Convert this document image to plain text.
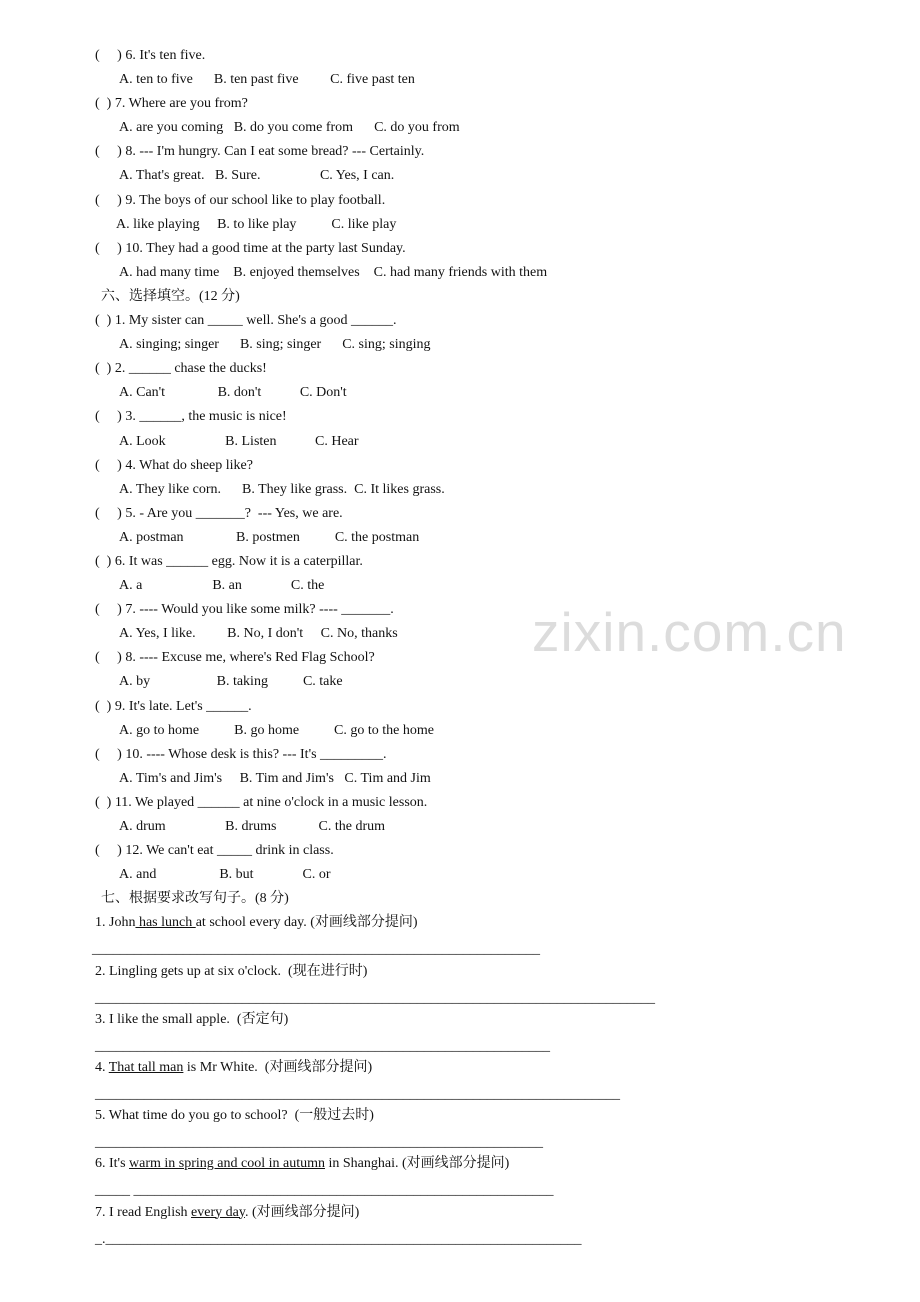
zixin.com.cn
(     ) 6. It's ten five.
A. ten to five      B. ten past five         C. five past ten
(  ) 7. Where are you from?
A. are you coming   B. do you come from      C. do you from
(     ) 8. --- I'm hungry. Can I eat some bread? --- Certainly.
A. That's great.   B. Sure.                 C. Yes, I can.
(     ) 9. The boys of our school like to play football.
A. like playing     B. to like play          C. like play
(     ) 10. They had a good time at the party last Sunday.
A. had many time    B. enjoyed themselves    C. had many friends with them
六、选择填空。(12 分)
(  ) 1. My sister can _____ well. She's a good ______.
A. singing; singer      B. sing; singer      C. sing; singing
(  ) 2. ______ chase the ducks!
A. Can't               B. don't           C. Don't
(     ) 3. ______, the music is nice!
A. Look                 B. Listen           C. Hear
(     ) 4. What do sheep like?
A. They like corn.      B. They like grass.  C. It likes grass.
(     ) 5. - Are you _______?  --- Yes, we are.
A. postman               B. postmen          C. the postman
(  ) 6. It was ______ egg. Now it is a caterpillar.
A. a                    B. an              C. the
(     ) 7. ---- Would you like some milk? ---- _______.
A. Yes, I like.         B. No, I don't     C. No, thanks
(     ) 8. ---- Excuse me, where's Red Flag School?
A. by                   B. taking          C. take
(  ) 9. It's late. Let's ______.
A. go to home          B. go home          C. go to the home
(     ) 10. ---- Whose desk is this? --- It's _________.
A. Tim's and Jim's     B. Tim and Jim's   C. Tim and Jim
(  ) 11. We played ______ at nine o'clock in a music lesson.
A. drum                 B. drums            C. the drum
(     ) 12. We can't eat _____ drink in class.
A. and                  B. but              C. or
七、根据要求改写句子。(8 分)
1. John has lunch at school every day. (对画线部分提问)
________________________________________________________________
2. Lingling gets up at six o'clock.  (现在进行时)
________________________________________________________________________________
3. I like the small apple.  (否定句)
_________________________________________________________________
4. That tall man is Mr White.  (对画线部分提问)
___________________________________________________________________________
5. What time do you go to school?  (一般过去时)
________________________________________________________________
6. It's warm in spring and cool in autumn in Shanghai. (对画线部分提问)
_____ ____________________________________________________________
7. I read English every day. (对画线部分提问)
_.____________________________________________________________________
